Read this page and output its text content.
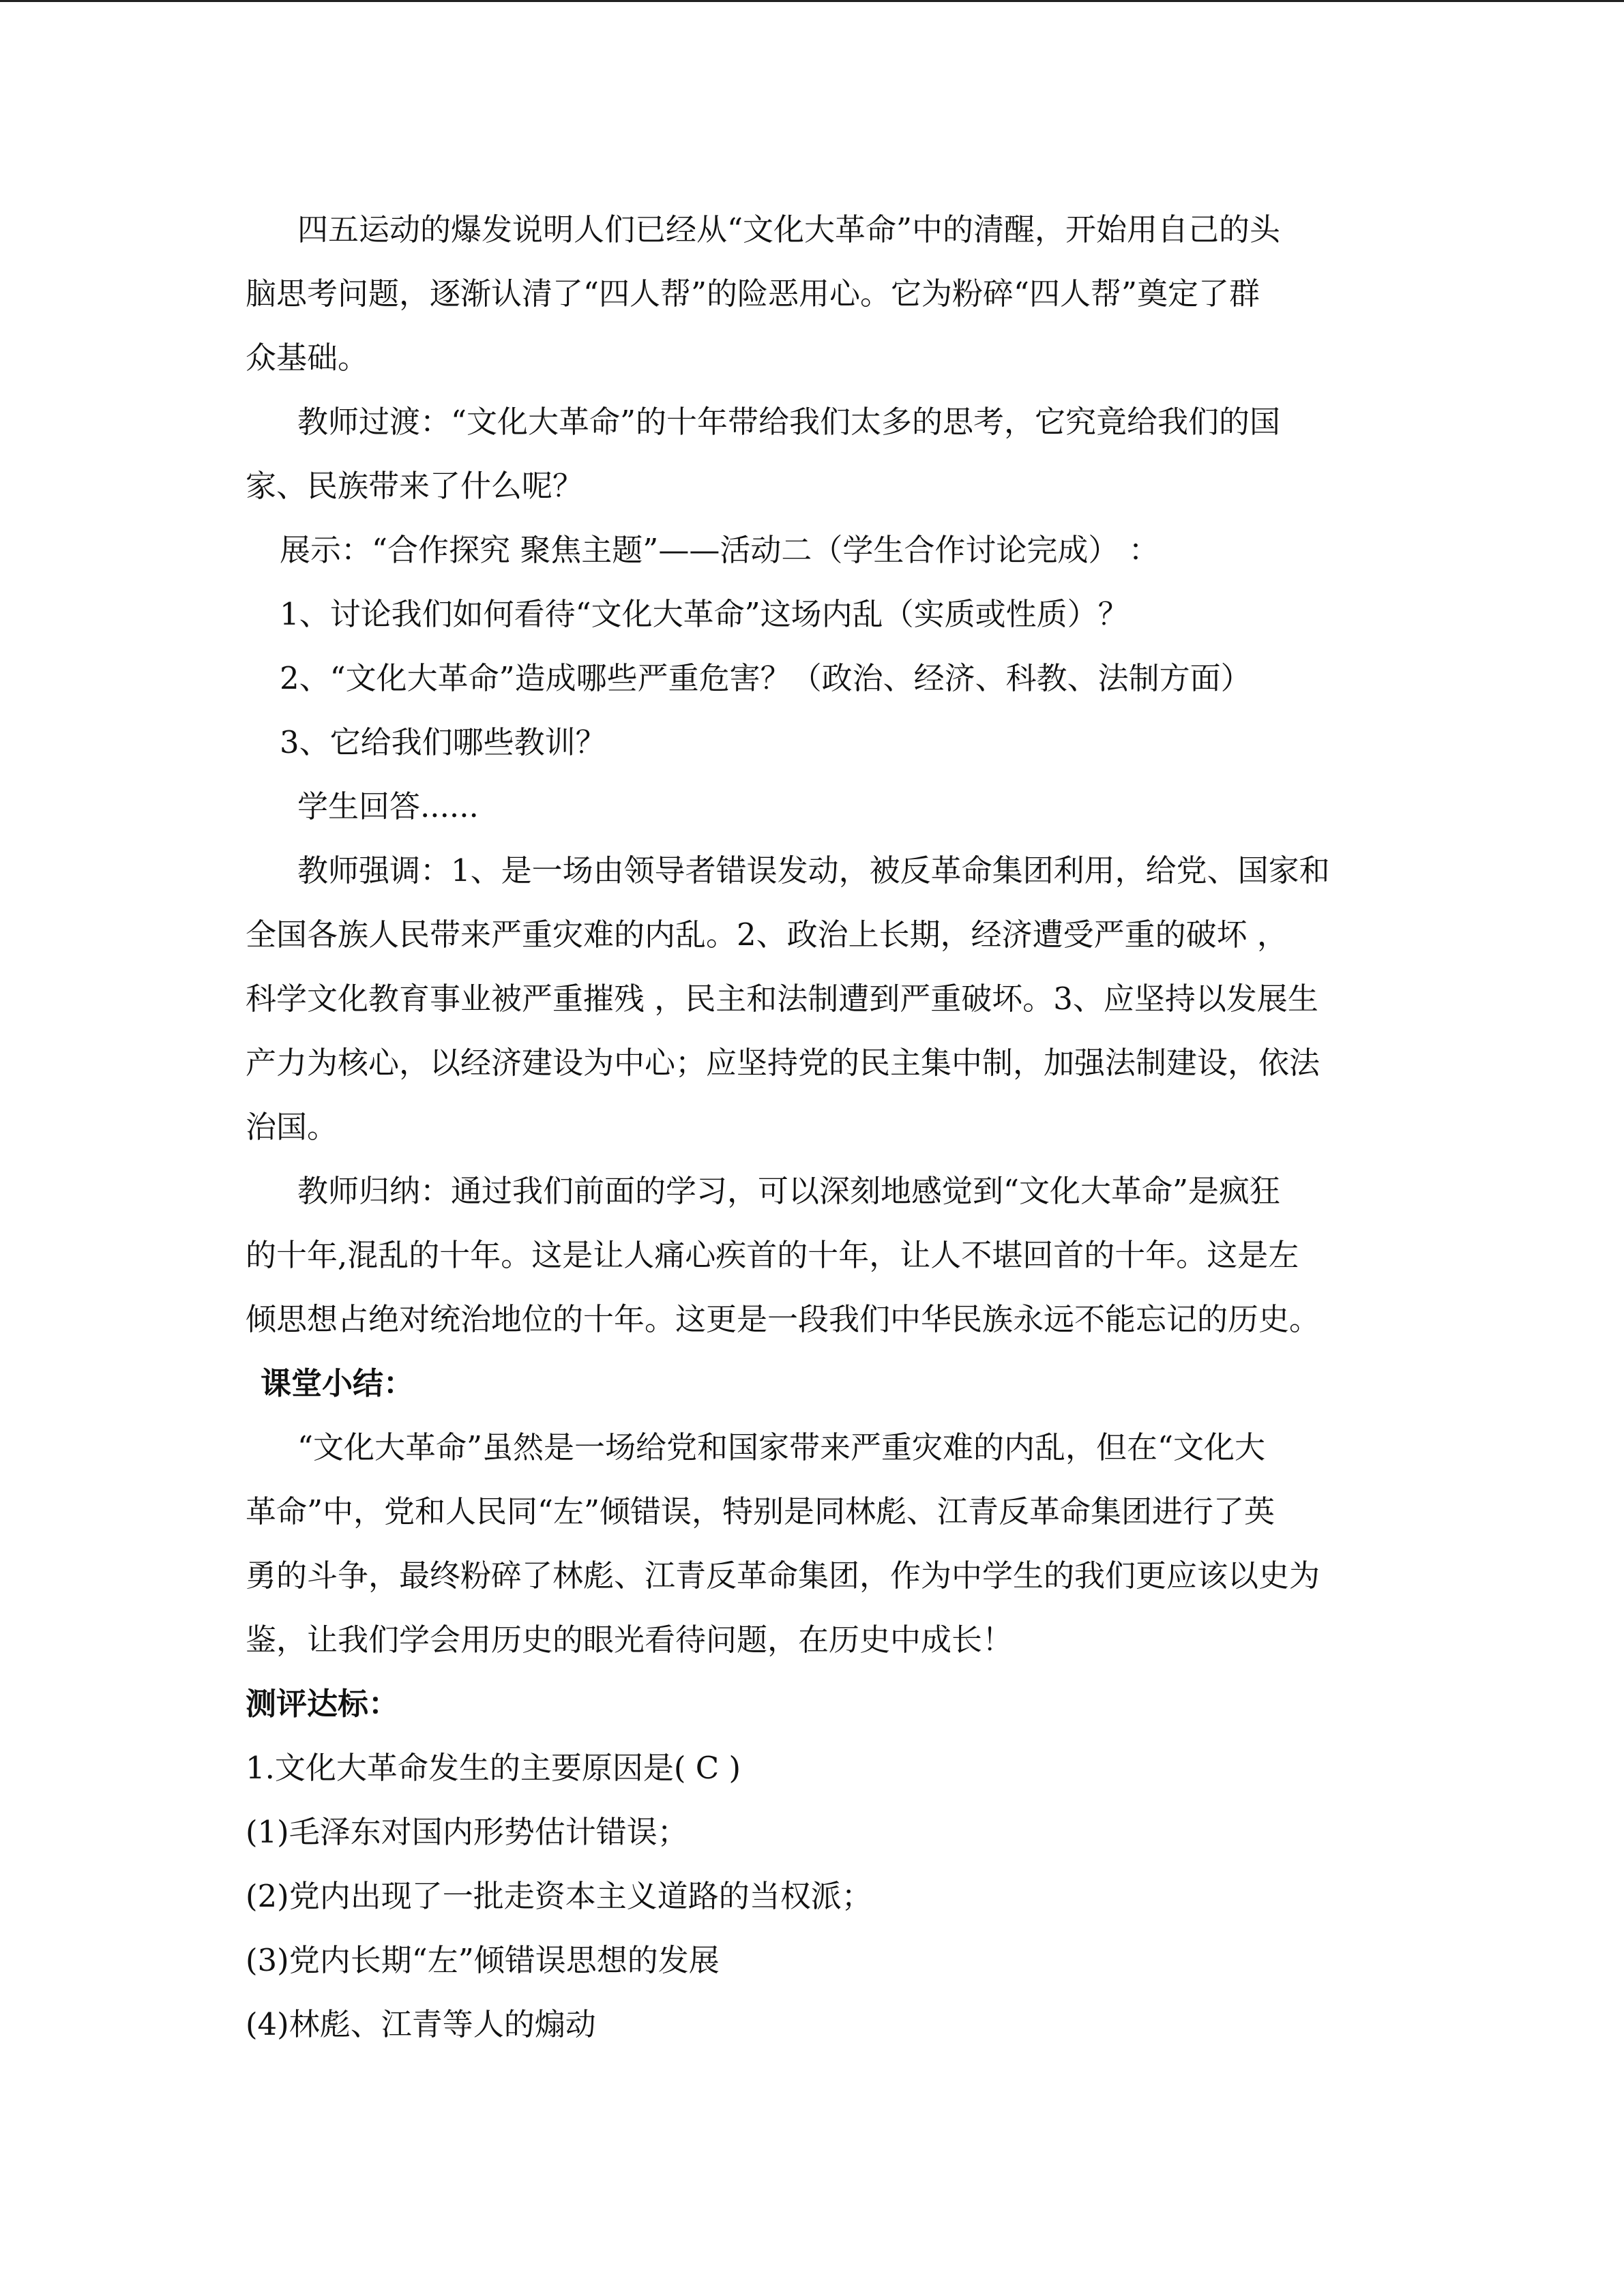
四五运动的爆发说明人们已经从“文化大革命”中的清醒，开始用自己的头

脑思考问题，逐渐认清了“四人帮”的险恶用心。它为粉碎“四人帮”奠定了群

众基础。

教师过渡：“文化大革命”的十年带给我们太多的思考，它究竟给我们的国

家、民族带来了什么呢？

展示：“合作探究 聚焦主题”——活动二（学生合作讨论完成） ：

1、讨论我们如何看待“文化大革命”这场内乱（实质或性质）？

2、“文化大革命”造成哪些严重危害？（政治、经济、科教、法制方面）

3、它给我们哪些教训？

学生回答......

教师强调：1、是一场由领导者错误发动，被反革命集团利用，给党、国家和

全国各族人民带来严重灾难的内乱。2、政治上长期，经济遭受严重的破坏 ，

科学文化教育事业被严重摧残 ，民主和法制遭到严重破坏。3、应坚持以发展生

产力为核心，以经济建设为中心；应坚持党的民主集中制，加强法制建设，依法

治国。

教师归纳：通过我们前面的学习，可以深刻地感觉到“文化大革命”是疯狂

的十年,混乱的十年。这是让人痛心疾首的十年，让人不堪回首的十年。这是左

倾思想占绝对统治地位的十年。这更是一段我们中华民族永远不能忘记的历史。

课堂小结：

“文化大革命”虽然是一场给党和国家带来严重灾难的内乱，但在“文化大

革命”中，党和人民同“左”倾错误，特别是同林彪、江青反革命集团进行了英

勇的斗争，最终粉碎了林彪、江青反革命集团，作为中学生的我们更应该以史为

鉴，让我们学会用历史的眼光看待问题，在历史中成长！

测评达标：

1.文化大革命发生的主要原因是( C )

(1)毛泽东对国内形势估计错误；

(2)党内出现了一批走资本主义道路的当权派；

(3)党内长期“左”倾错误思想的发展

(4)林彪、江青等人的煽动
